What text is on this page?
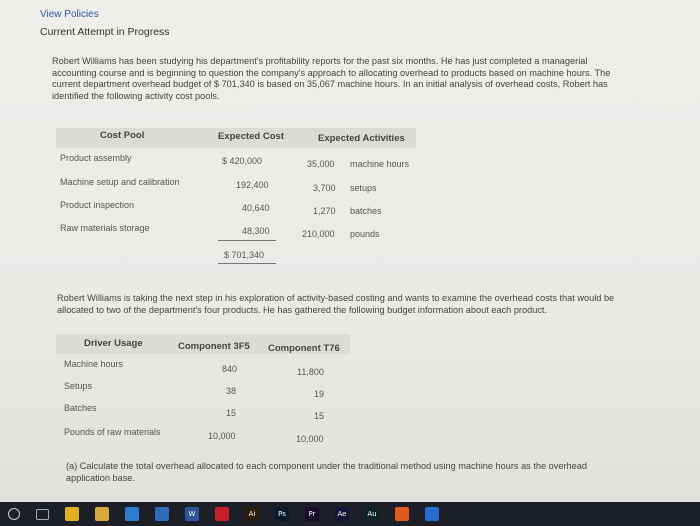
View Policies
Current Attempt in Progress
Robert Williams has been studying his department's profitability reports for the past six months. He has just completed a managerial accounting course and is beginning to question the company's approach to allocating overhead to products based on machine hours. The current department overhead budget of $ 701,340 is based on 35,067 machine hours. In an initial analysis of overhead costs, Robert has identified the following activity cost pools.
Cost Pool	Expected Cost	Expected Activities
Product assembly	$ 420,000	35,000 machine hours
Machine setup and calibration	192,400	3,700 setups
Product inspection	40,640	1,270 batches
Raw materials storage	48,300	210,000 pounds
$ 701,340
Robert Williams is taking the next step in his exploration of activity-based costing and wants to examine the overhead costs that would be allocated to two of the department's four products. He has gathered the following budget information about each product.
Driver Usage	Component 3F5 Component T76
Machine hours	840	11,800
Setups	38	19
Batches	15	15
Pounds of raw materials	10,000	10,000
(a) Calculate the total overhead allocated to each component under the traditional method using machine hours as the overhead application base.
W	Ai	Ps	Pr	Ae	Au
